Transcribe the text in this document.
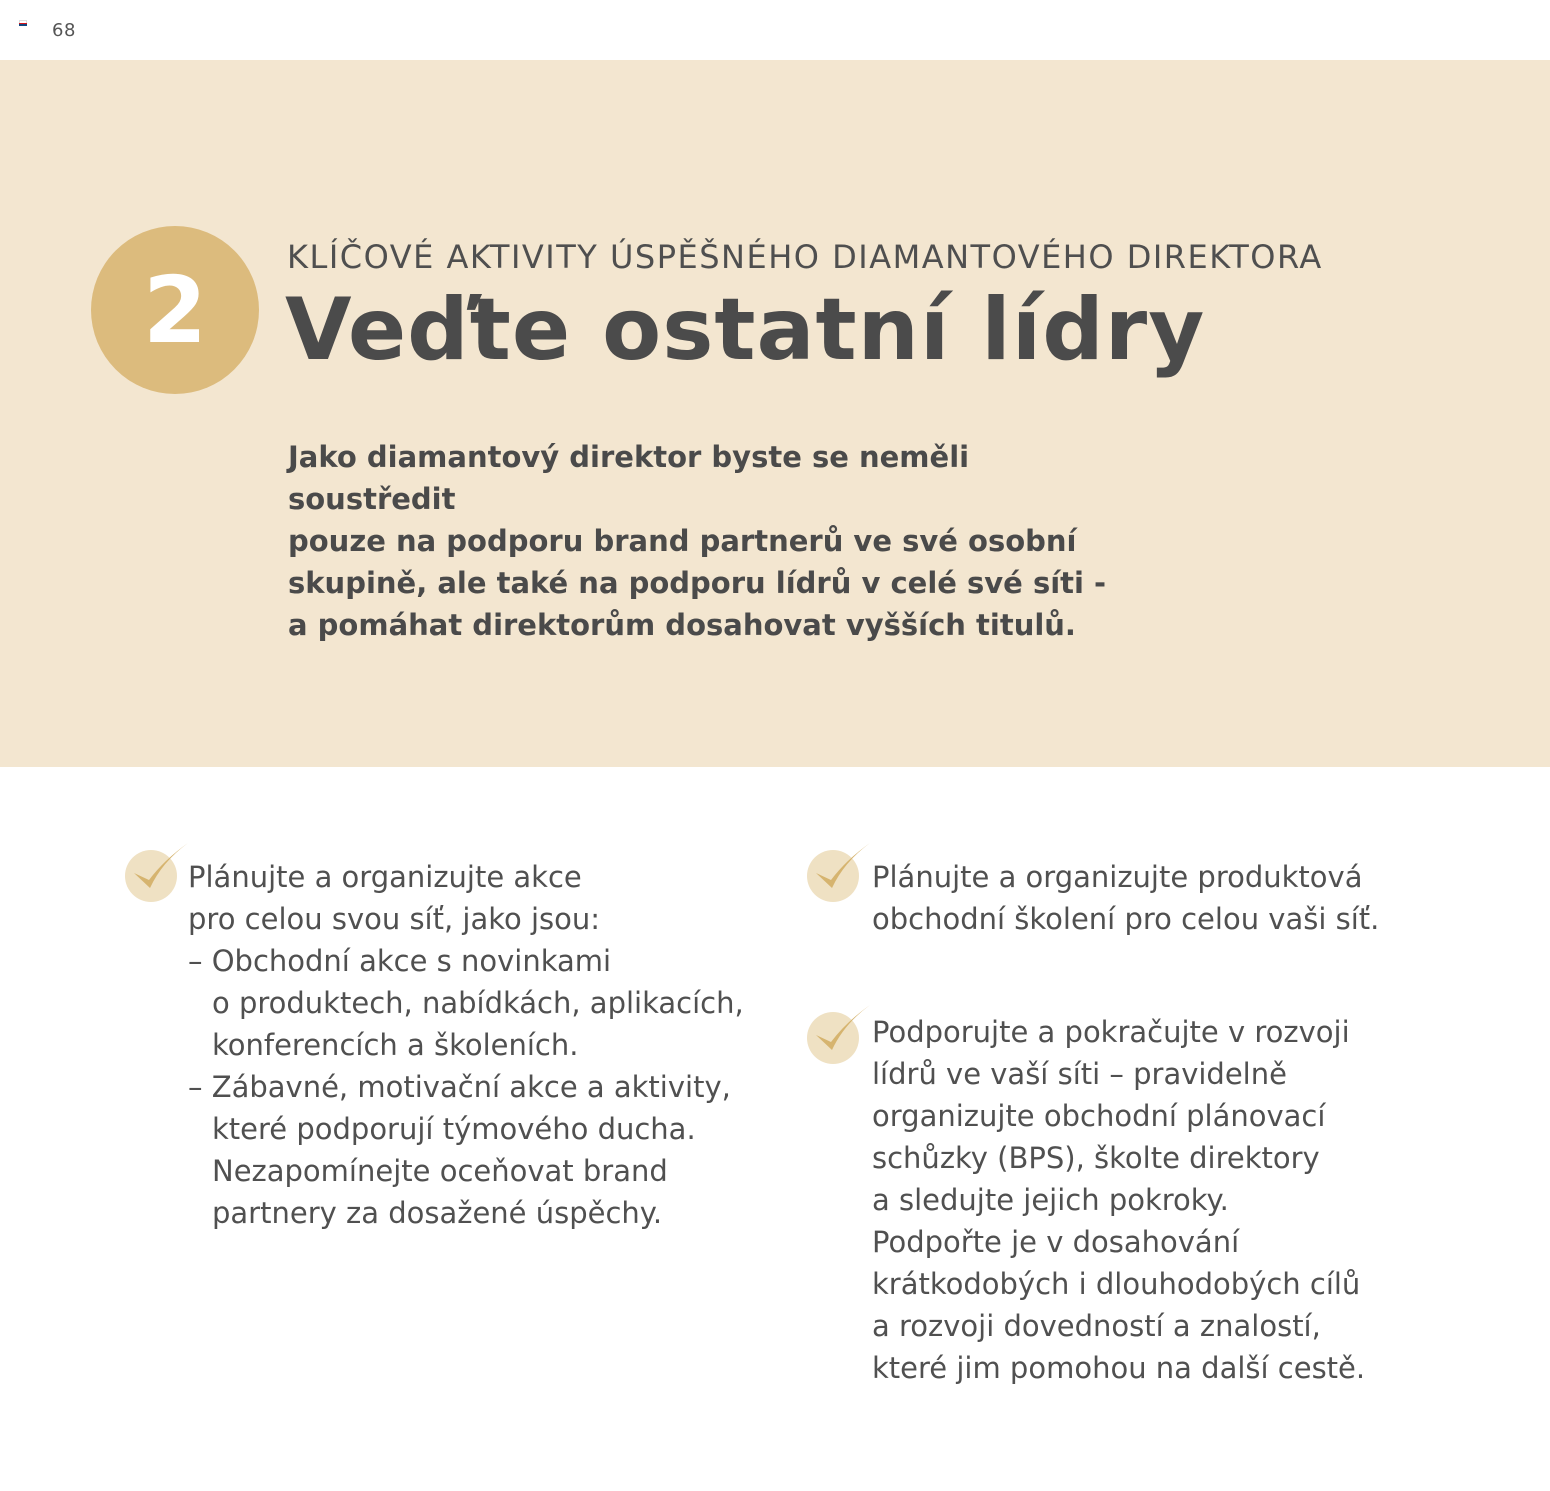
68
2	KLÍČOVÉ AKTIVITY ÚSPĚŠNÉHO DIAMANTOVÉHO DIREKTORA
Veďte ostatní lídry
Jako diamantový direktor byste se neměli soustředit
pouze na podporu brand partnerů ve své osobní
skupině, ale také na podporu lídrů v celé své síti -
a pomáhat direktorům dosahovat vyšších titulů.
Plánujte a organizujte akce
pro celou svou síť, jako jsou:
– Obchodní akce s novinkami
o produktech, nabídkách, aplikacích,
konferencích a školeních.
– Zábavné, motivační akce a aktivity,
které podporují týmového ducha.
Nezapomínejte oceňovat brand
partnery za dosažené úspěchy.
Plánujte a organizujte produktová
obchodní školení pro celou vaši síť.
Podporujte a pokračujte v rozvoji
lídrů ve vaší síti – pravidelně
organizujte obchodní plánovací
schůzky (BPS), školte direktory
a sledujte jejich pokroky.
Podpořte je v dosahování
krátkodobých i dlouhodobých cílů
a rozvoji dovedností a znalostí,
které jim pomohou na další cestě.
